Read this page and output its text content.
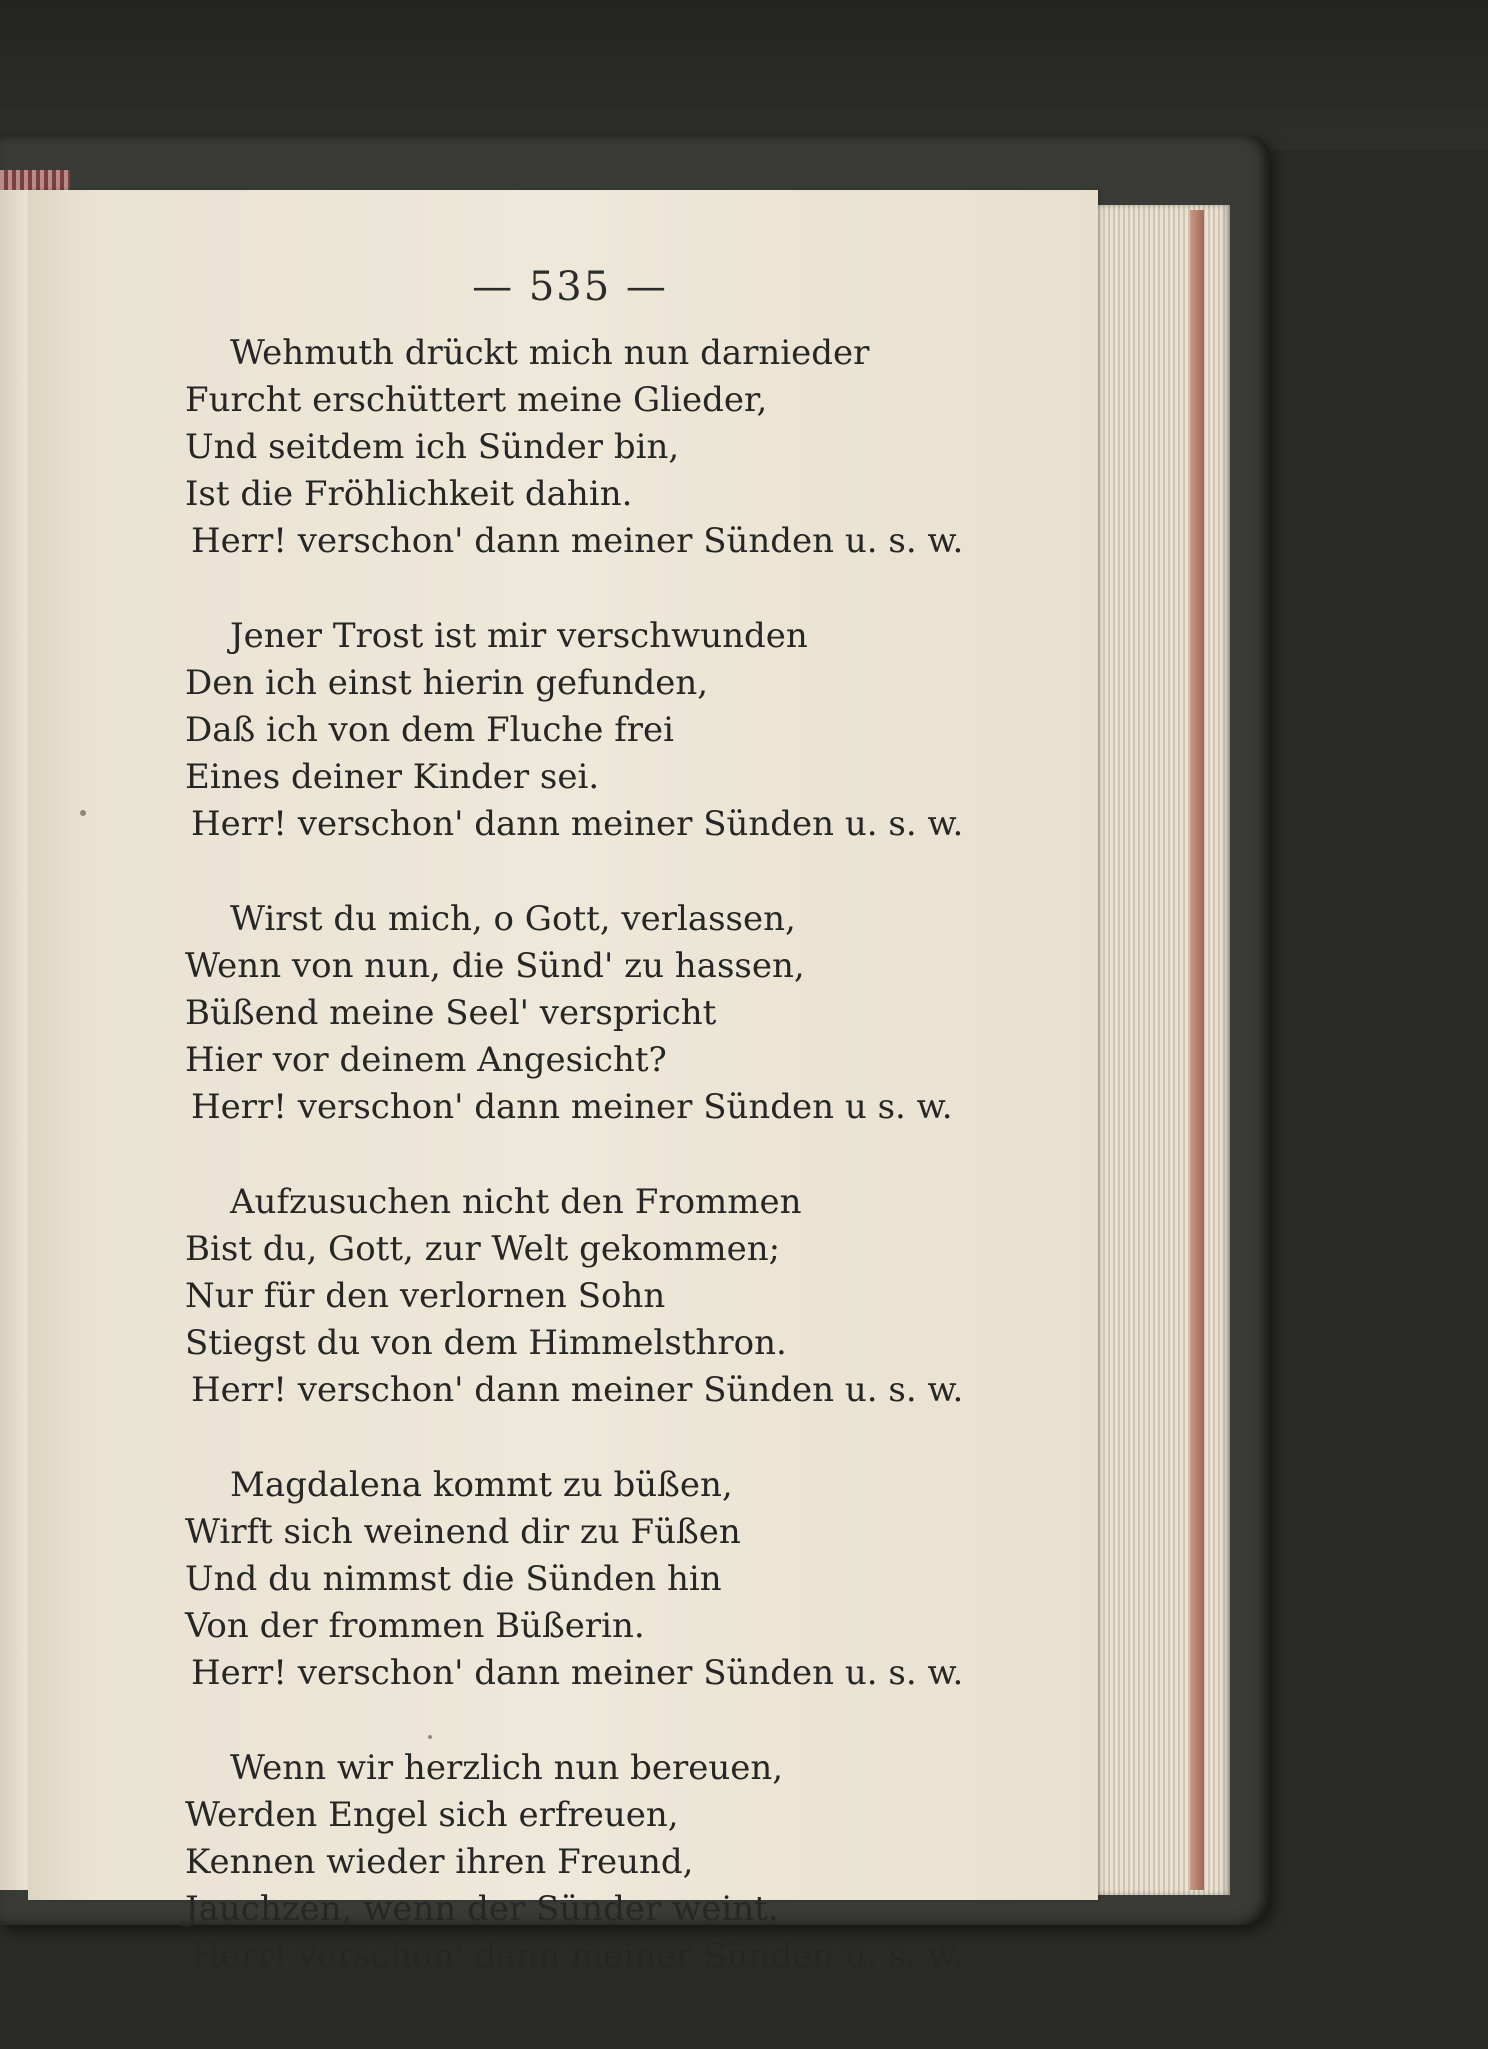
— 535 —
Wehmuth drückt mich nun darnieder
Furcht erschüttert meine Glieder,
Und seitdem ich Sünder bin,
Ist die Fröhlichkeit dahin.
Herr! verschon' dann meiner Sünden u. s. w.
Jener Trost ist mir verschwunden
Den ich einst hierin gefunden,
Daß ich von dem Fluche frei
Eines deiner Kinder sei.
Herr! verschon' dann meiner Sünden u. s. w.
Wirst du mich, o Gott, verlassen,
Wenn von nun, die Sünd' zu hassen,
Büßend meine Seel' verspricht
Hier vor deinem Angesicht?
Herr! verschon' dann meiner Sünden u s. w.
Aufzusuchen nicht den Frommen
Bist du, Gott, zur Welt gekommen;
Nur für den verlornen Sohn
Stiegst du von dem Himmelsthron.
Herr! verschon' dann meiner Sünden u. s. w.
Magdalena kommt zu büßen,
Wirft sich weinend dir zu Füßen
Und du nimmst die Sünden hin
Von der frommen Büßerin.
Herr! verschon' dann meiner Sünden u. s. w.
Wenn wir herzlich nun bereuen,
Werden Engel sich erfreuen,
Kennen wieder ihren Freund,
Jauchzen, wenn der Sünder weint.
Herr! verschon' dann meiner Sünden u. s. w.
